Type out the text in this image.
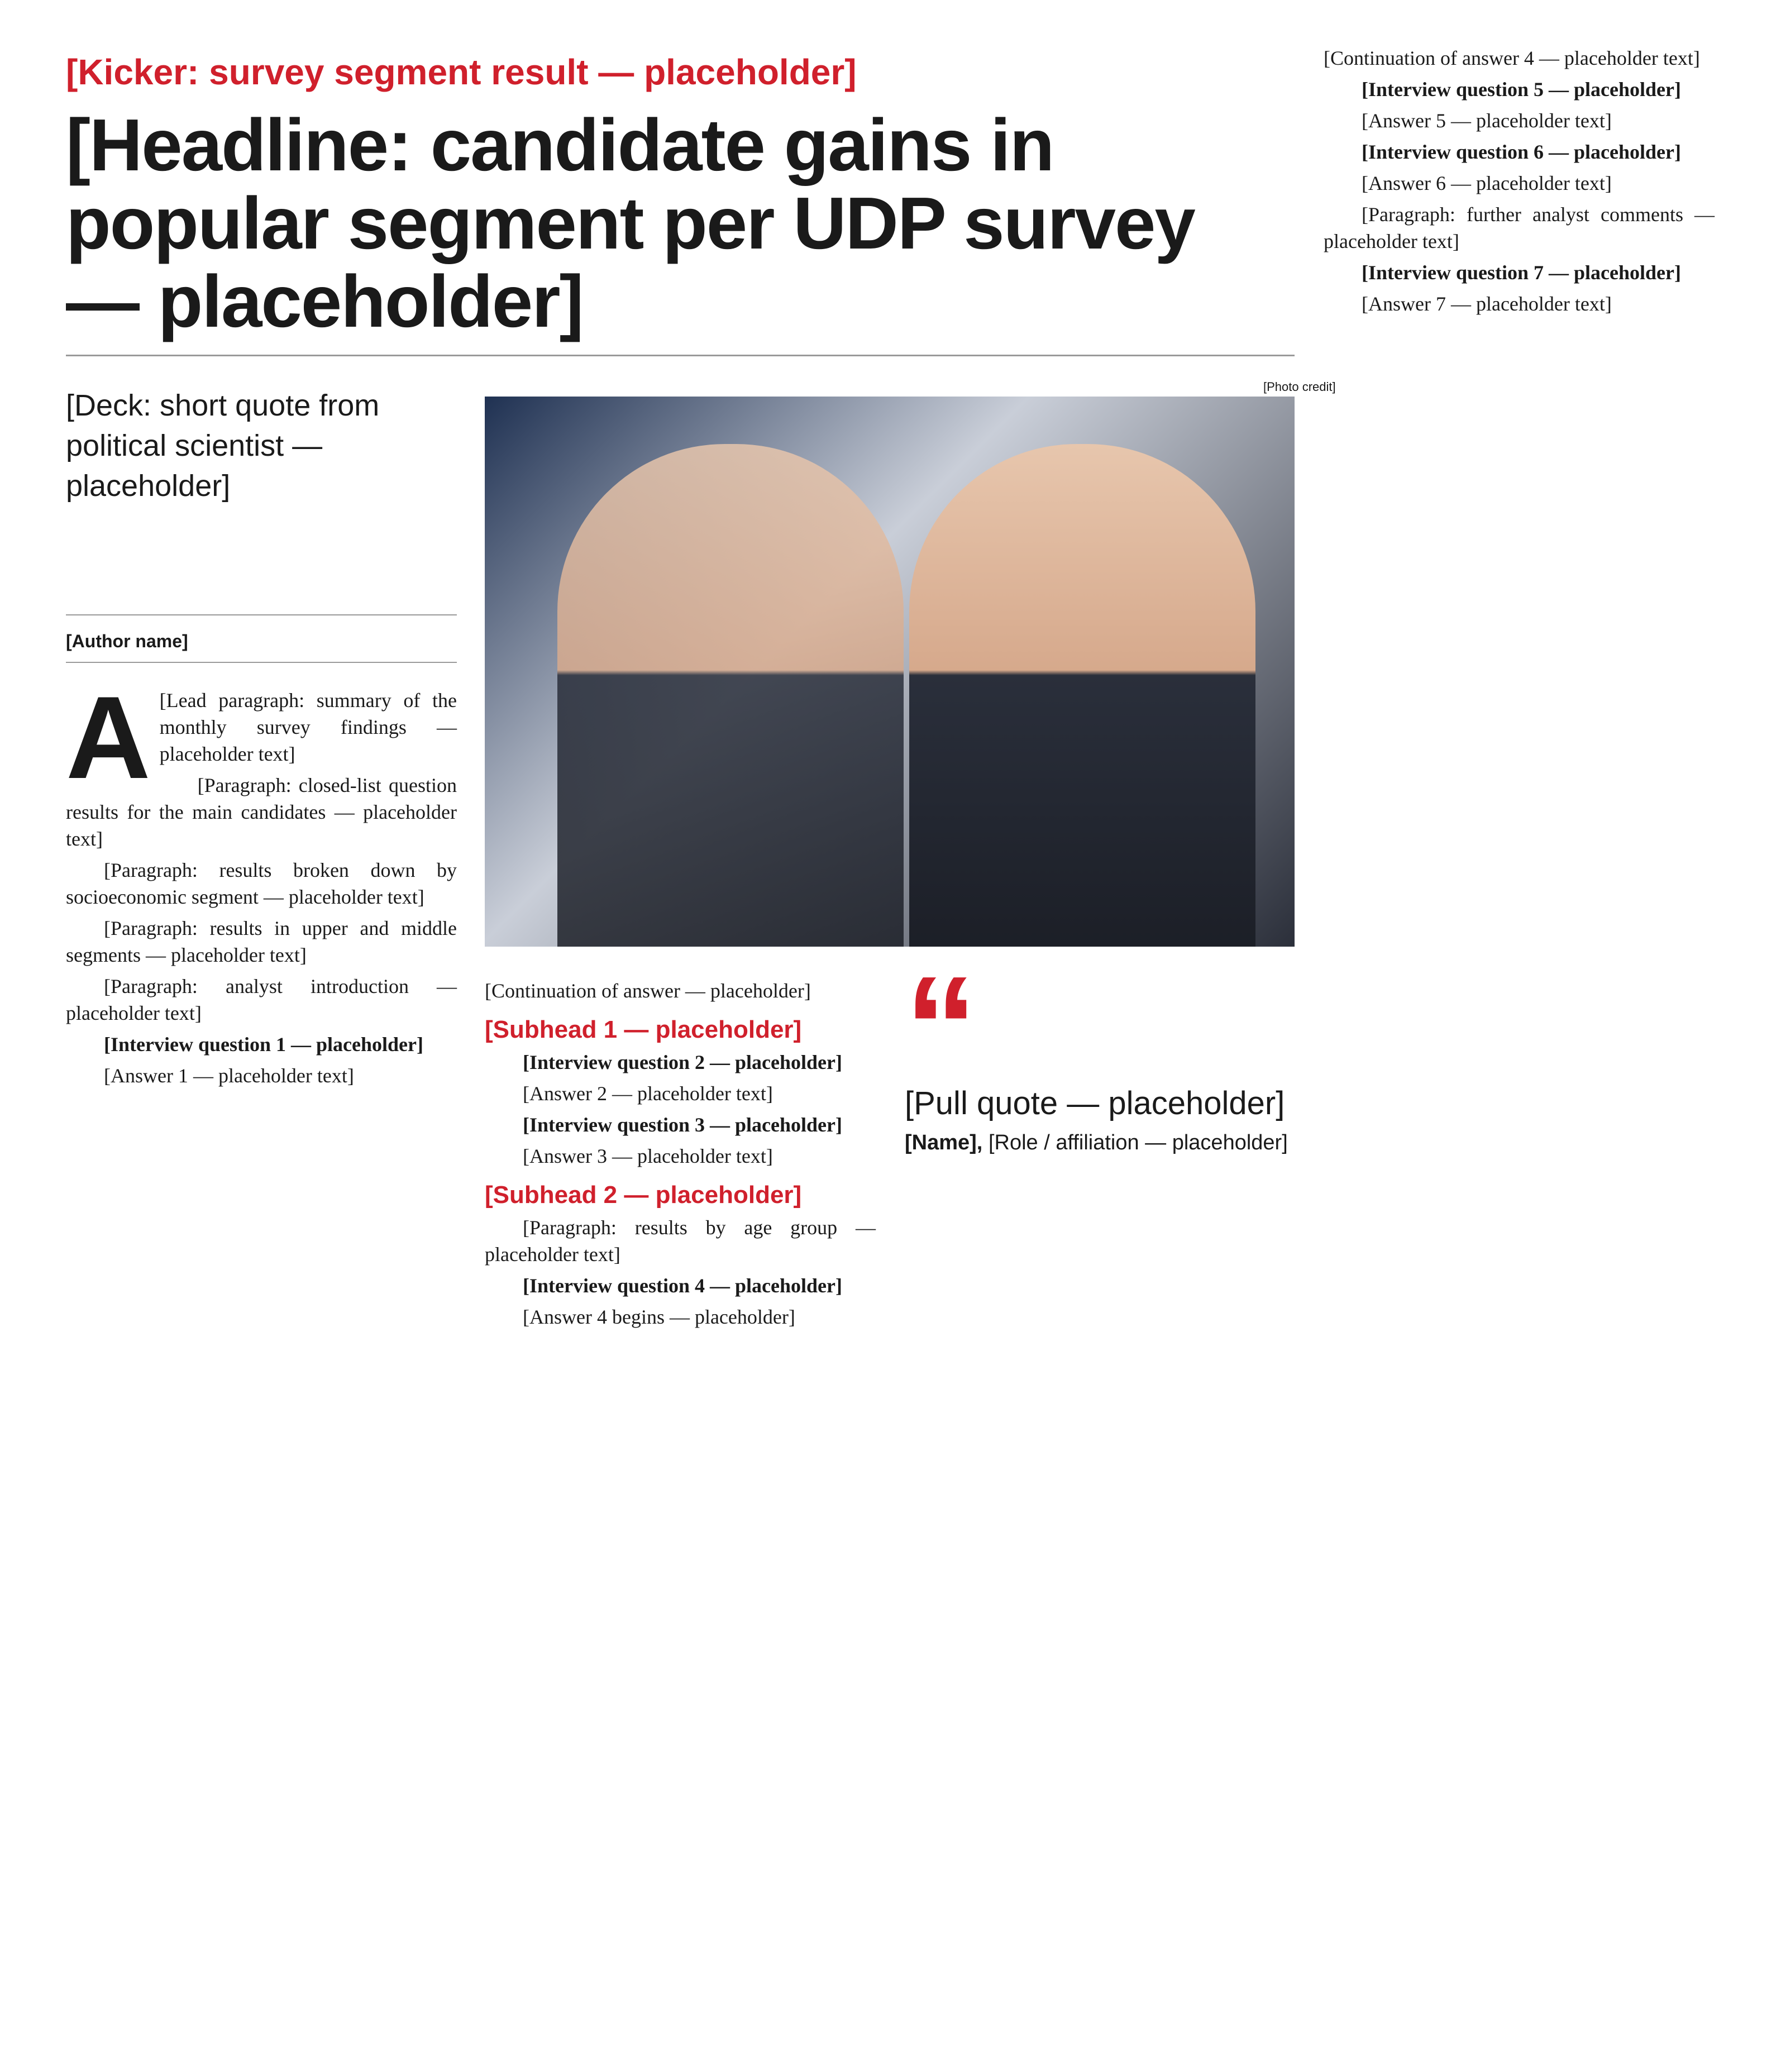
[Kicker: survey segment result — placeholder]
[Headline: candidate gains in popular segment per UDP survey — placeholder]
[Photo credit]
[Deck: short quote from political scientist — placeholder]
[Author name]

A [Lead paragraph: summary of the monthly survey findings — placeholder text]

[Paragraph: closed-list question results for the main candidates — placeholder text]

[Paragraph: results broken down by socioeconomic segment — placeholder text]

[Paragraph: results in upper and middle segments — placeholder text]

[Paragraph: analyst introduction — placeholder text]

[Interview question 1 — placeholder]

[Answer 1 — placeholder text]

[Continuation of answer — placeholder]

[Subhead 1 — placeholder]

[Interview question 2 — placeholder]

[Answer 2 — placeholder text]

[Interview question 3 — placeholder]

[Answer 3 — placeholder text]

[Subhead 2 — placeholder]

[Paragraph: results by age group — placeholder text]

[Interview question 4 — placeholder]

[Answer 4 begins — placeholder]

“
[Pull quote — placeholder]
[Name], [Role / affiliation — placeholder]

[Continuation of answer 4 — placeholder text]

[Interview question 5 — placeholder]

[Answer 5 — placeholder text]

[Interview question 6 — placeholder]

[Answer 6 — placeholder text]

[Paragraph: further analyst comments — placeholder text]

[Interview question 7 — placeholder]

[Answer 7 — placeholder text]
